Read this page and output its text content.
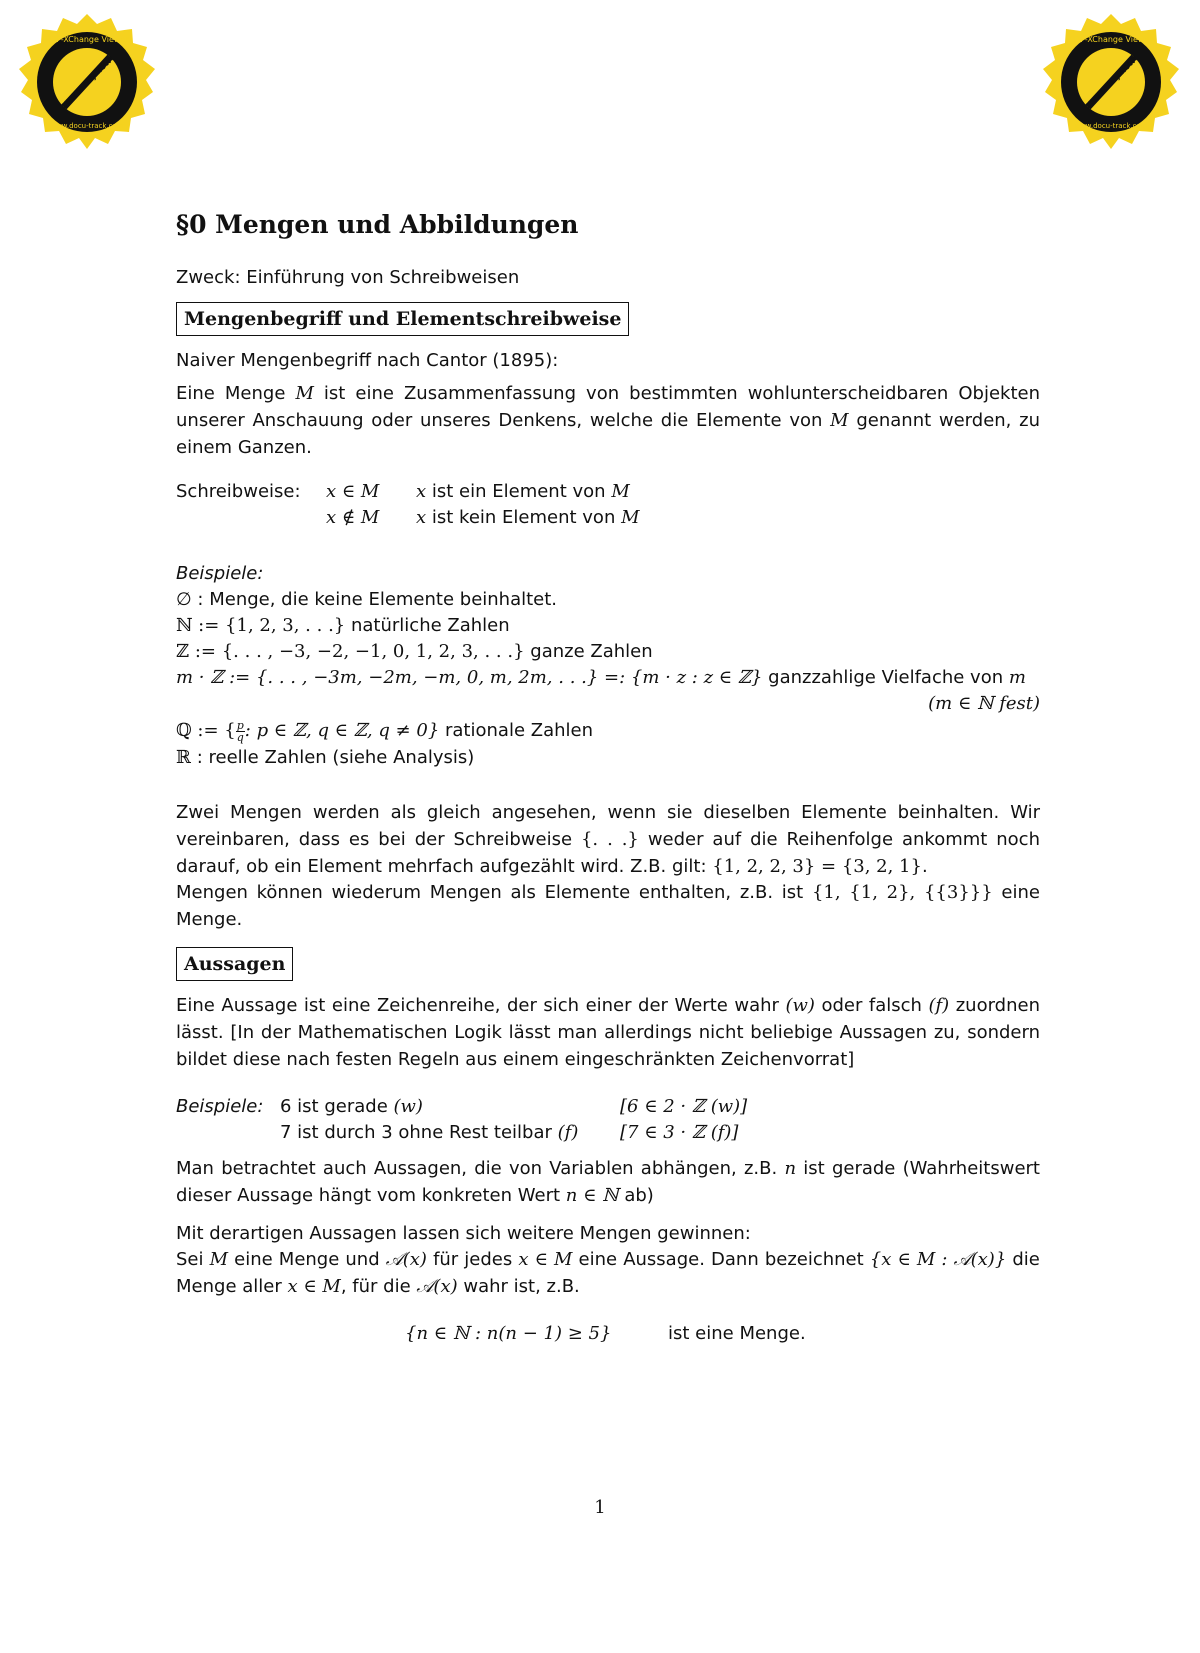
PDF-XChange Viewer
Click to buy NOW!
www.docu-track.com
PDF-XChange Viewer
Click to buy NOW!
www.docu-track.com
§0 Mengen und Abbildungen
Zweck: Einführung von Schreibweisen
Mengenbegriff und Elementschreibweise
Naiver Mengenbegriff nach Cantor (1895):
Eine Menge M ist eine Zusammenfassung von bestimmten wohlunterscheidbaren Objekten unserer Anschauung oder unseres Denkens, welche die Elemente von M genannt werden, zu einem Ganzen.
Schreibweise: x ∈ M x ist ein Element von M
x ∉ M x ist kein Element von M
Beispiele:
∅ : Menge, die keine Elemente beinhaltet.
ℕ := {1, 2, 3, . . .} natürliche Zahlen
ℤ := {. . . , −3, −2, −1, 0, 1, 2, 3, . . .} ganze Zahlen
m · ℤ := {. . . , −3m, −2m, −m, 0, m, 2m, . . .} =: {m · z : z ∈ ℤ} ganzzahlige Vielfache von m
(m ∈ ℕ fest)
ℚ := { $\frac{p}{q}$ : p ∈ ℤ, q ∈ ℤ, q ≠ 0} rationale Zahlen
ℝ : reelle Zahlen (siehe Analysis)
Zwei Mengen werden als gleich angesehen, wenn sie dieselben Elemente beinhalten. Wir vereinbaren, dass es bei der Schreibweise {. . .} weder auf die Reihenfolge ankommt noch darauf, ob ein Element mehrfach aufgezählt wird. Z.B. gilt: {1, 2, 2, 3} = {3, 2, 1}.
Mengen können wiederum Mengen als Elemente enthalten, z.B. ist {1, {1, 2}, {{3}}} eine Menge.
Aussagen
Eine Aussage ist eine Zeichenreihe, der sich einer der Werte wahr (w) oder falsch (f) zuordnen lässt. [In der Mathematischen Logik lässt man allerdings nicht beliebige Aussagen zu, sondern bildet diese nach festen Regeln aus einem eingeschränkten Zeichenvorrat]
Beispiele: 6 ist gerade (w)	[6 ∈ 2 · ℤ (w)]
7 ist durch 3 ohne Rest teilbar (f) [7 ∈ 3 · ℤ (f)]
Man betrachtet auch Aussagen, die von Variablen abhängen, z.B. n ist gerade (Wahrheitswert dieser Aussage hängt vom konkreten Wert n ∈ ℕ ab)
Mit derartigen Aussagen lassen sich weitere Mengen gewinnen:
Sei M eine Menge und 𝒜(x) für jedes x ∈ M eine Aussage. Dann bezeichnet {x ∈ M : 𝒜(x)} die Menge aller x ∈ M, für die 𝒜(x) wahr ist, z.B.
{n ∈ ℕ : n(n − 1) ≥ 5}	ist eine Menge.
1
